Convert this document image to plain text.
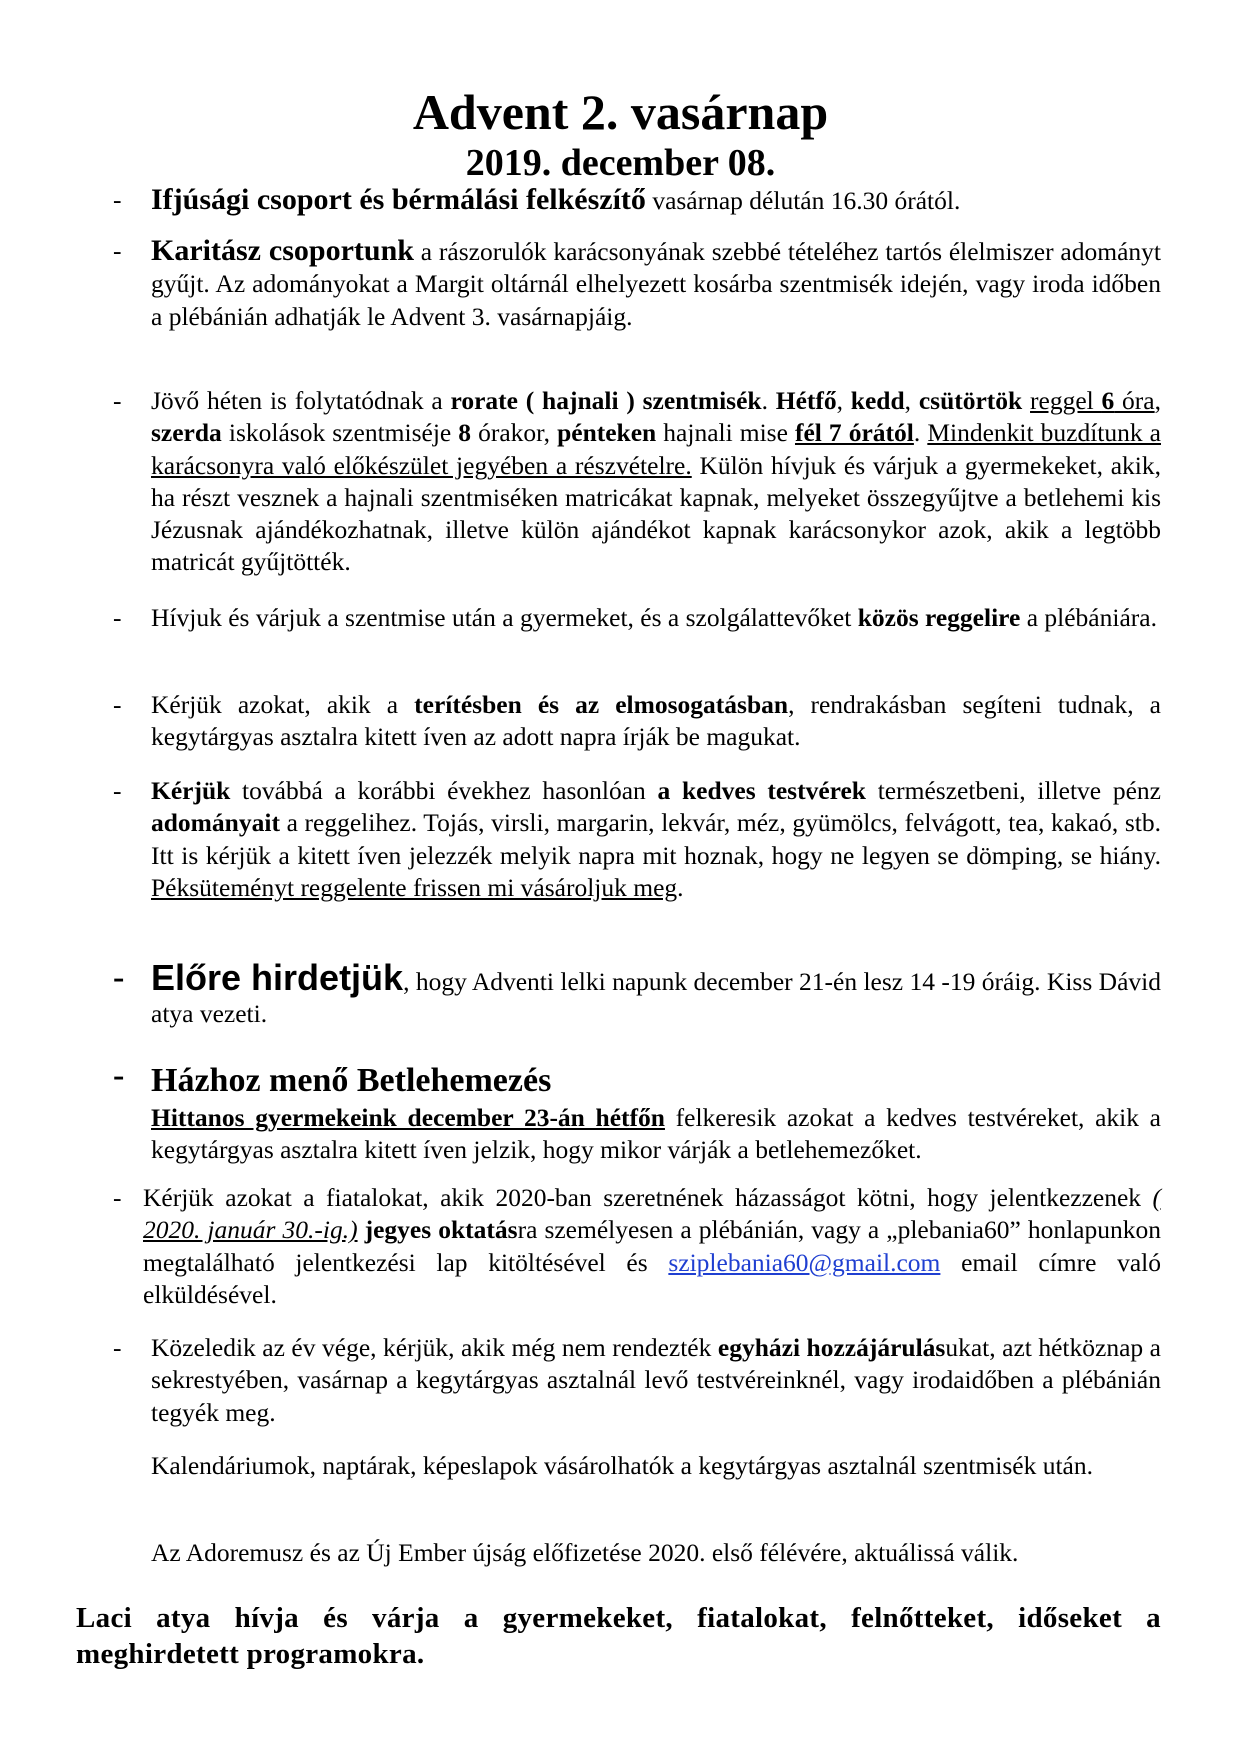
Advent 2. vasárnap
2019. december 08.
- Ifjúsági csoport és bérmálási felkészítő vasárnap délután 16.30 órától.
- Karitász csoportunk a rászorulók karácsonyának szebbé tételéhez tartós élelmiszer adományt gyűjt. Az adományokat a Margit oltárnál elhelyezett kosárba szentmisék idején, vagy iroda időben a plébánián adhatják le Advent 3. vasárnapjáig.
- Jövő héten is folytatódnak a rorate ( hajnali ) szentmisék. Hétfő, kedd, csütörtök reggel 6 óra, szerda iskolások szentmiséje 8 órakor, pénteken hajnali mise fél 7 órától. Mindenkit buzdítunk a karácsonyra való előkészület jegyében a részvételre. Külön hívjuk és várjuk a gyermekeket, akik, ha részt vesznek a hajnali szentmiséken matricákat kapnak, melyeket összegyűjtve a betlehemi kis Jézusnak ajándékozhatnak, illetve külön ajándékot kapnak karácsonykor azok, akik a legtöbb matricát gyűjtötték.
- Hívjuk és várjuk a szentmise után a gyermeket, és a szolgálattevőket közös reggelire a plébániára.
- Kérjük azokat, akik a terítésben és az elmosogatásban, rendrakásban segíteni tudnak, a kegytárgyas asztalra kitett íven az adott napra írják be magukat.
- Kérjük továbbá a korábbi évekhez hasonlóan a kedves testvérek természetbeni, illetve pénz adományait a reggelihez. Tojás, virsli, margarin, lekvár, méz, gyümölcs, felvágott, tea, kakaó, stb. Itt is kérjük a kitett íven jelezzék melyik napra mit hoznak, hogy ne legyen se dömping, se hiány. Péksüteményt reggelente frissen mi vásároljuk meg.
- Előre hirdetjük, hogy Adventi lelki napunk december 21-én lesz 14 -19 óráig. Kiss Dávid atya vezeti.
- Házhoz menő Betlehemezés
Hittanos gyermekeink december 23-án hétfőn felkeresik azokat a kedves testvéreket, akik a kegytárgyas asztalra kitett íven jelzik, hogy mikor várják a betlehemezőket.
- Kérjük azokat a fiatalokat, akik 2020-ban szeretnének házasságot kötni, hogy jelentkezzenek ( 2020. január 30.-ig.) jegyes oktatásra személyesen a plébánián, vagy a „plebania60” honlapunkon megtalálható jelentkezési lap kitöltésével és sziplebania60@gmail.com email címre való elküldésével.
- Közeledik az év vége, kérjük, akik még nem rendezték egyházi hozzájárulásukat, azt hétköznap a sekrestyében, vasárnap a kegytárgyas asztalnál levő testvéreinknél, vagy irodaidőben a plébánián tegyék meg.
Kalendáriumok, naptárak, képeslapok vásárolhatók a kegytárgyas asztalnál szentmisék után.
Az Adoremusz és az Új Ember újság előfizetése 2020. első félévére, aktuálissá válik.
Laci atya hívja és várja a gyermekeket, fiatalokat, felnőtteket, időseket a meghirdetett programokra.
